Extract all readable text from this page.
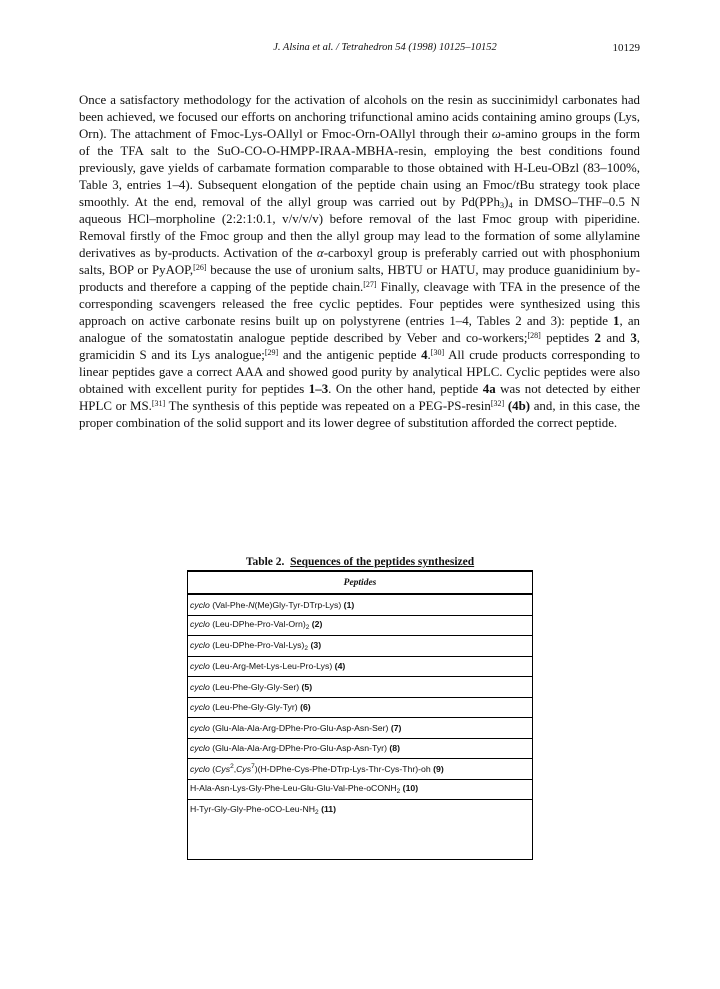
J. Alsina et al. / Tetrahedron 54 (1998) 10125–10152	10129

Once a satisfactory methodology for the activation of alcohols on the resin as succinimidyl carbonates had been achieved, we focused our efforts on anchoring trifunctional amino acids containing amino groups (Lys, Orn). The attachment of Fmoc-Lys-OAllyl or Fmoc-Orn-OAllyl through their ω-amino groups in the form of the TFA salt to the SuO-CO-O-HMPP-IRAA-MBHA-resin, employing the best conditions found previously, gave yields of carbamate formation comparable to those obtained with H-Leu-OBzl (83–100%, Table 3, entries 1–4). Subsequent elongation of the peptide chain using an Fmoc/tBu strategy took place smoothly. At the end, removal of the allyl group was carried out by $Pd(PPh_3)_4$ in DMSO–THF–0.5 N aqueous HCl–morpholine (2:2:1:0.1, v/v/v/v) before removal of the last Fmoc group with piperidine. Removal firstly of the Fmoc group and then the allyl group may lead to the formation of some allylamine derivatives as by-products. Activation of the α-carboxyl group is preferably carried out with phosphonium salts, BOP or PyAOP,[26] because the use of uronium salts, HBTU or HATU, may produce guanidinium by-products and therefore a capping of the peptide chain.[27] Finally, cleavage with TFA in the presence of the corresponding scavengers released the free cyclic peptides. Four peptides were synthesized using this approach on active carbonate resins built up on polystyrene (entries 1–4, Tables 2 and 3): peptide 1, an analogue of the somatostatin analogue peptide described by Veber and co-workers;[28] peptides 2 and 3, gramicidin S and its Lys analogue;[29] and the antigenic peptide 4.[30] All crude products corresponding to linear peptides gave a correct AAA and showed good purity by analytical HPLC. Cyclic peptides were also obtained with excellent purity for peptides 1–3. On the other hand, peptide 4a was not detected by either HPLC or MS.[31] The synthesis of this peptide was repeated on a PEG-PS-resin[32] (4b) and, in this case, the proper combination of the solid support and its lower degree of substitution afforded the correct peptide.

Table 2. Sequences of the peptides synthesized

Peptides
cyclo (Val-Phe-N(Me)Gly-Tyr-DTrp-Lys) (1)
cyclo $(Leu-DPhe-Pro-Val-Orn)_2$ (2)
cyclo $(Leu-DPhe-Pro-Val-Lys)_2$ (3)
cyclo (Leu-Arg-Met-Lys-Leu-Pro-Lys) (4)
cyclo (Leu-Phe-Gly-Gly-Ser) (5)
cyclo (Leu-Phe-Gly-Gly-Tyr) (6)
cyclo (Glu-Ala-Ala-Arg-DPhe-Pro-Glu-Asp-Asn-Ser) (7)
cyclo (Glu-Ala-Ala-Arg-DPhe-Pro-Glu-Asp-Asn-Tyr) (8)
cyclo (Cys$^2$,Cys$^7$)(H-DPhe-Cys-Phe-DTrp-Lys-Thr-Cys-Thr)-oh (9)
H-Ala-Asn-Lys-Gly-Phe-Leu-Glu-Glu-Val-Phe-oCONH$_2$ (10)
$H-Tyr-Gly-Gly-Phe-oCO-Leu-NH_2$ (11)
